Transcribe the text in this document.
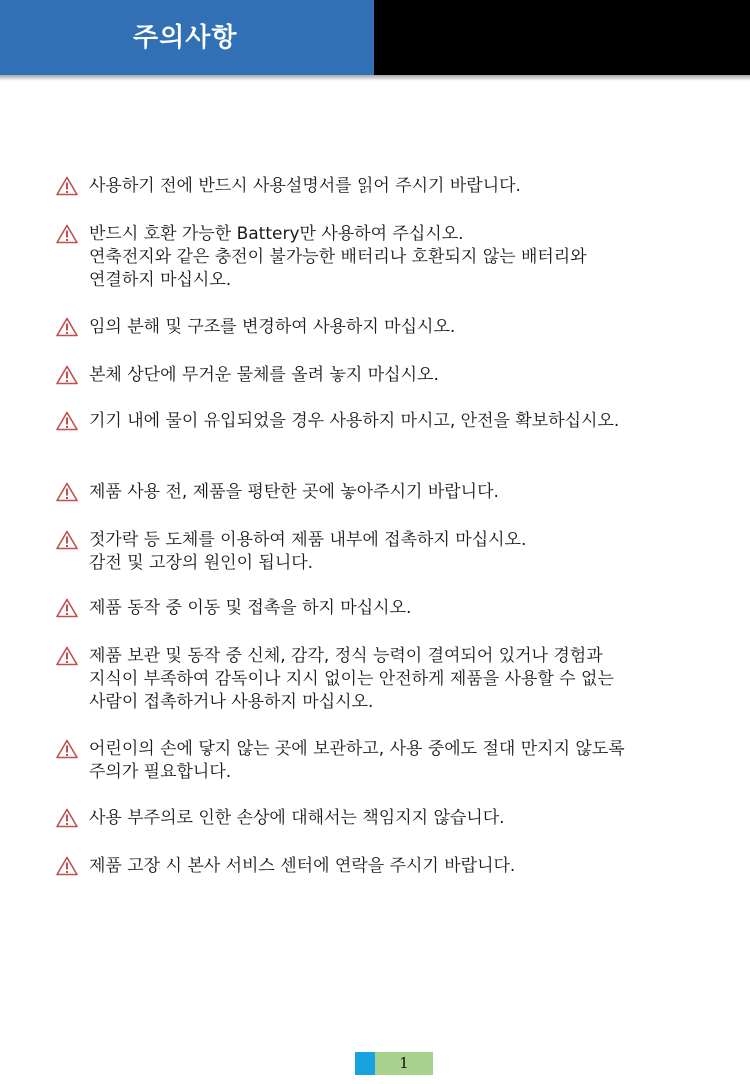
주의사항
사용하기 전에 반드시 사용설명서를 읽어 주시기 바랍니다.
반드시 호환 가능한 Battery만 사용하여 주십시오.
연축전지와 같은 충전이 불가능한 배터리나 호환되지 않는 배터리와
연결하지 마십시오.
임의 분해 및 구조를 변경하여 사용하지 마십시오.
본체 상단에 무거운 물체를 올려 놓지 마십시오.
기기 내에 물이 유입되었을 경우 사용하지 마시고, 안전을 확보하십시오.
제품 사용 전, 제품을 평탄한 곳에 놓아주시기 바랍니다.
젓가락 등 도체를 이용하여 제품 내부에 접촉하지 마십시오.
감전 및 고장의 원인이 됩니다.
제품 동작 중 이동 및 접촉을 하지 마십시오.
제품 보관 및 동작 중 신체, 감각, 정식 능력이 결여되어 있거나 경험과
지식이 부족하여 감독이나 지시 없이는 안전하게 제품을 사용할 수 없는
사람이 접촉하거나 사용하지 마십시오.
어린이의 손에 닿지 않는 곳에 보관하고, 사용 중에도 절대 만지지 않도록
주의가 필요합니다.
사용 부주의로 인한 손상에 대해서는 책임지지 않습니다.
제품 고장 시 본사 서비스 센터에 연락을 주시기 바랍니다.
1
